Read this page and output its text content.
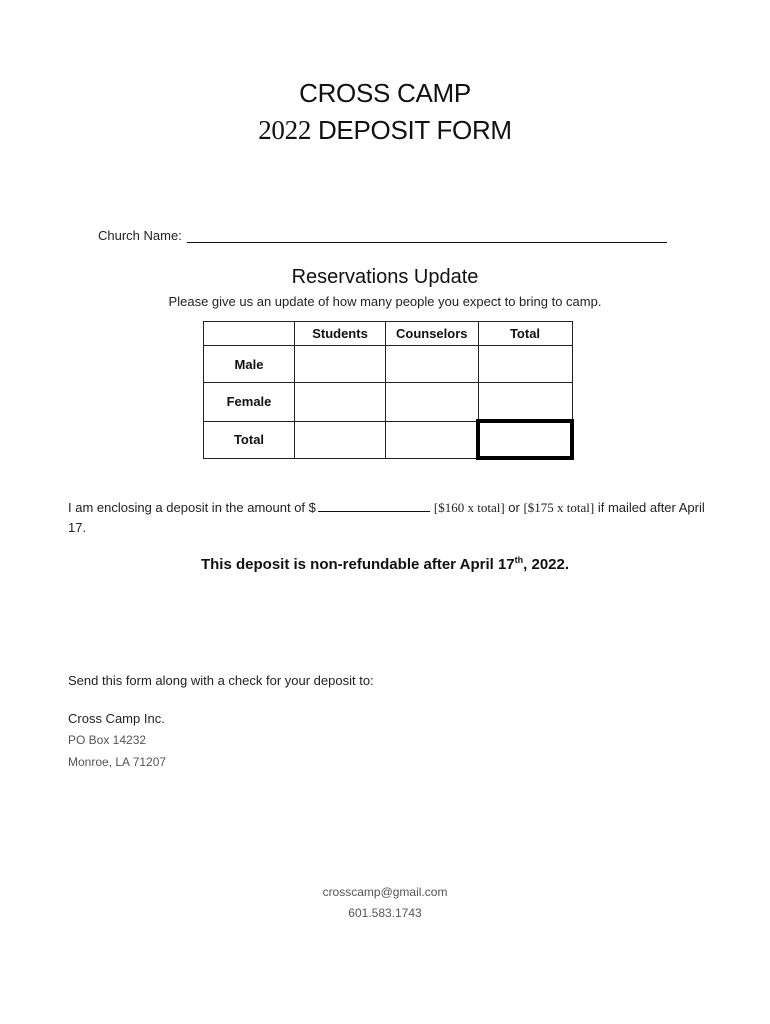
CROSS CAMP
2022 DEPOSIT FORM
Church Name:
Reservations Update
Please give us an update of how many people you expect to bring to camp.
	Students	Counselors	Total
Male			
Female			
Total			
I am enclosing a deposit in the amount of $	[$160 x total] or [$175 x total] if mailed after April 17.
This deposit is non-refundable after April 17th, 2022.
Send this form along with a check for your deposit to:
Cross Camp Inc.
PO Box 14232
Monroe, LA 71207
crosscamp@gmail.com
601.583.1743
